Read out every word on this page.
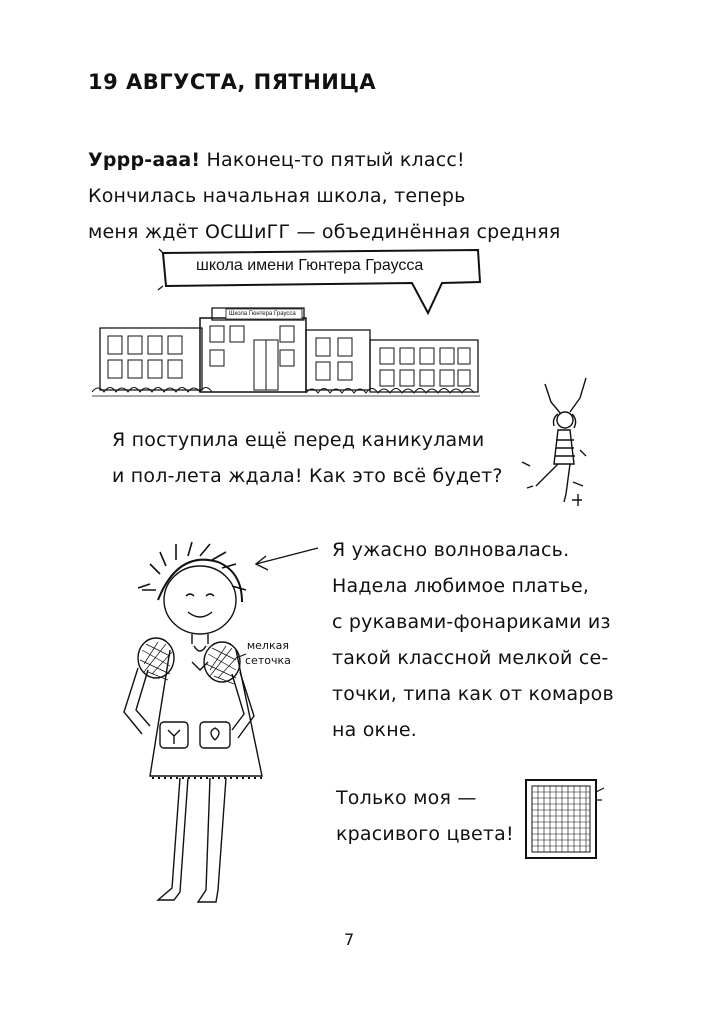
19 АВГУСТА, ПЯТНИЦА
Уррр-ааа! Наконец-то пятый класс!
Кончилась начальная школа, теперь
меня ждёт ОСШиГГ — объединённая средняя
школа имени Гюнтера Граусса
Школа Гюнтера Граусса
Я поступила ещё перед каникулами
и пол-лета ждала! Как это всё будет?
мелкая
сеточка
Я ужасно волновалась.
Надела любимое платье,
с рукавами-фонариками из
такой классной мелкой се-
точки, типа как от комаров
на окне.
Только моя —
красивого цвета!
7
